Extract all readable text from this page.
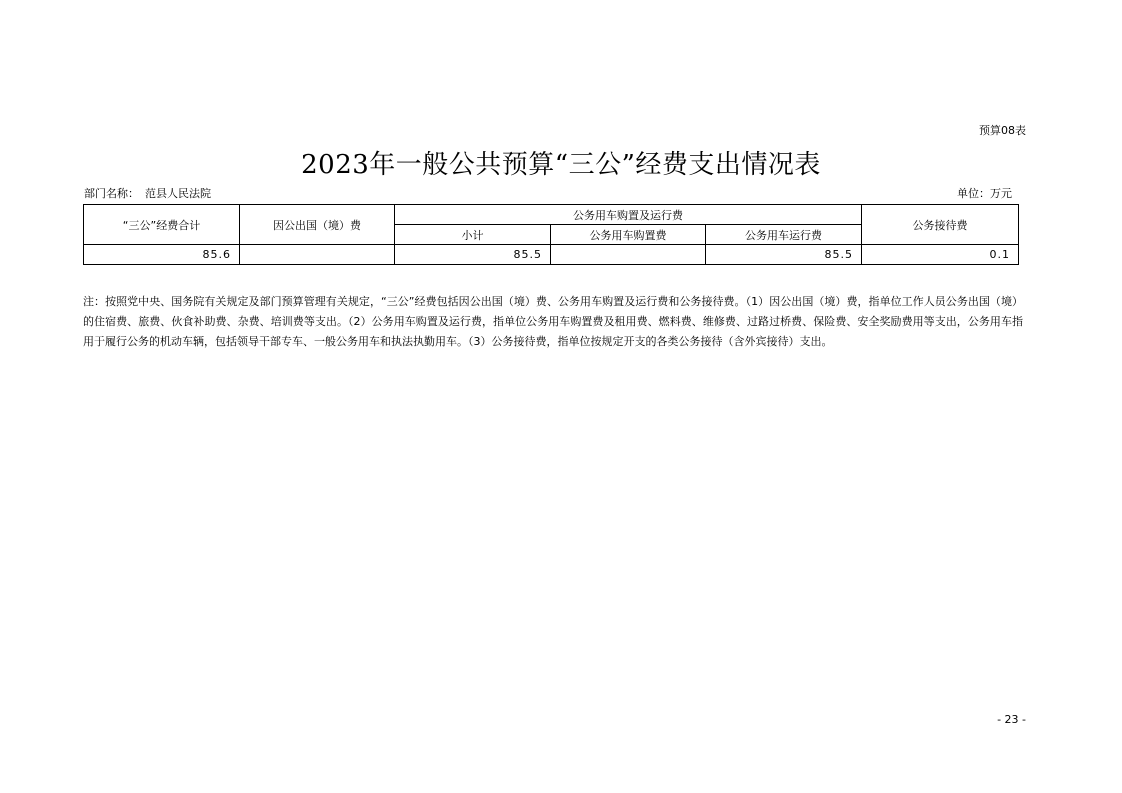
预算08表
2023年一般公共预算“三公”经费支出情况表
部门名称： 范县人民法院	单位：万元
“三公”经费合计	因公出国（境）费	公务用车购置及运行费			公务接待费
		小计	公务用车购置费	公务用车运行费	
85.6		85.5		85.5	0.1
注：按照党中央、国务院有关规定及部门预算管理有关规定，“三公”经费包括因公出国（境）费、公务用车购置及运行费和公务接待费。（1）因公出国（境）费，指单位工作人员公务出国（境）的住宿费、旅费、伙食补助费、杂费、培训费等支出。（2）公务用车购置及运行费，指单位公务用车购置费及租用费、燃料费、维修费、过路过桥费、保险费、安全奖励费用等支出，公务用车指用于履行公务的机动车辆，包括领导干部专车、一般公务用车和执法执勤用车。（3）公务接待费，指单位按规定开支的各类公务接待（含外宾接待）支出。
- 23 -
